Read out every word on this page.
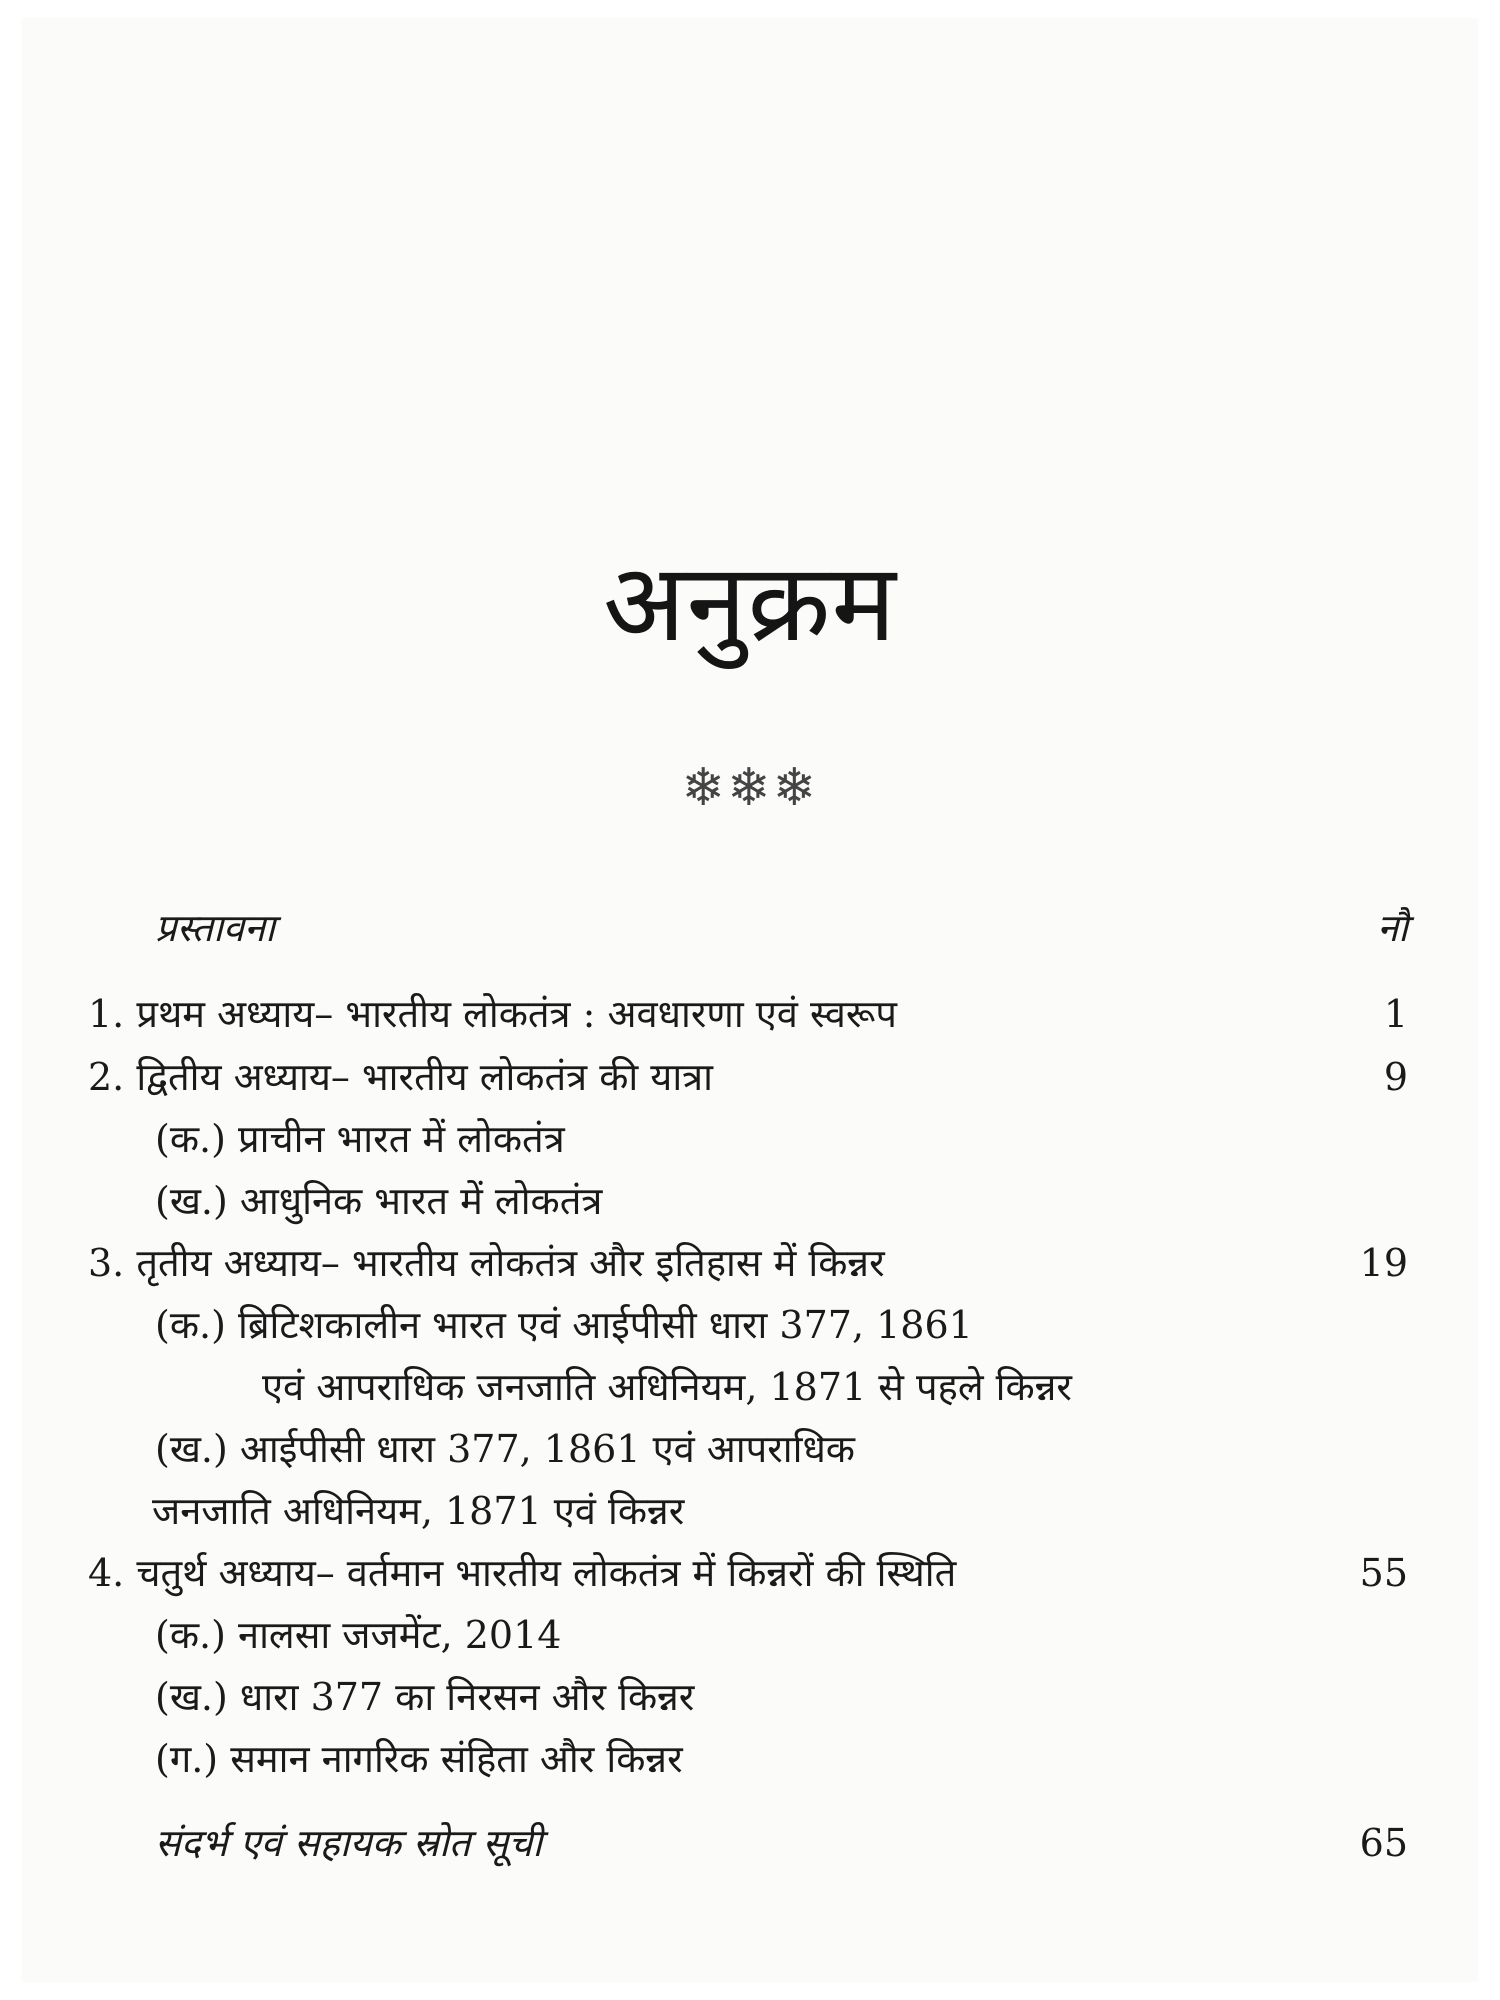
अनुक्रम
❄❄❄
प्रस्तावना	नौ
1. प्रथम अध्याय– भारतीय लोकतंत्र : अवधारणा एवं स्वरूप	1
2. द्वितीय अध्याय– भारतीय लोकतंत्र की यात्रा	9
(क.) प्राचीन भारत में लोकतंत्र
(ख.) आधुनिक भारत में लोकतंत्र
3. तृतीय अध्याय– भारतीय लोकतंत्र और इतिहास में किन्नर	19
(क.) ब्रिटिशकालीन भारत एवं आईपीसी धारा 377, 1861
एवं आपराधिक जनजाति अधिनियम, 1871 से पहले किन्नर
(ख.) आईपीसी धारा 377, 1861 एवं आपराधिक
जनजाति अधिनियम, 1871 एवं किन्नर
4. चतुर्थ अध्याय– वर्तमान भारतीय लोकतंत्र में किन्नरों की स्थिति	55
(क.) नालसा जजमेंट, 2014
(ख.) धारा 377 का निरसन और किन्नर
(ग.) समान नागरिक संहिता और किन्नर
संदर्भ एवं सहायक स्रोत सूची	65
